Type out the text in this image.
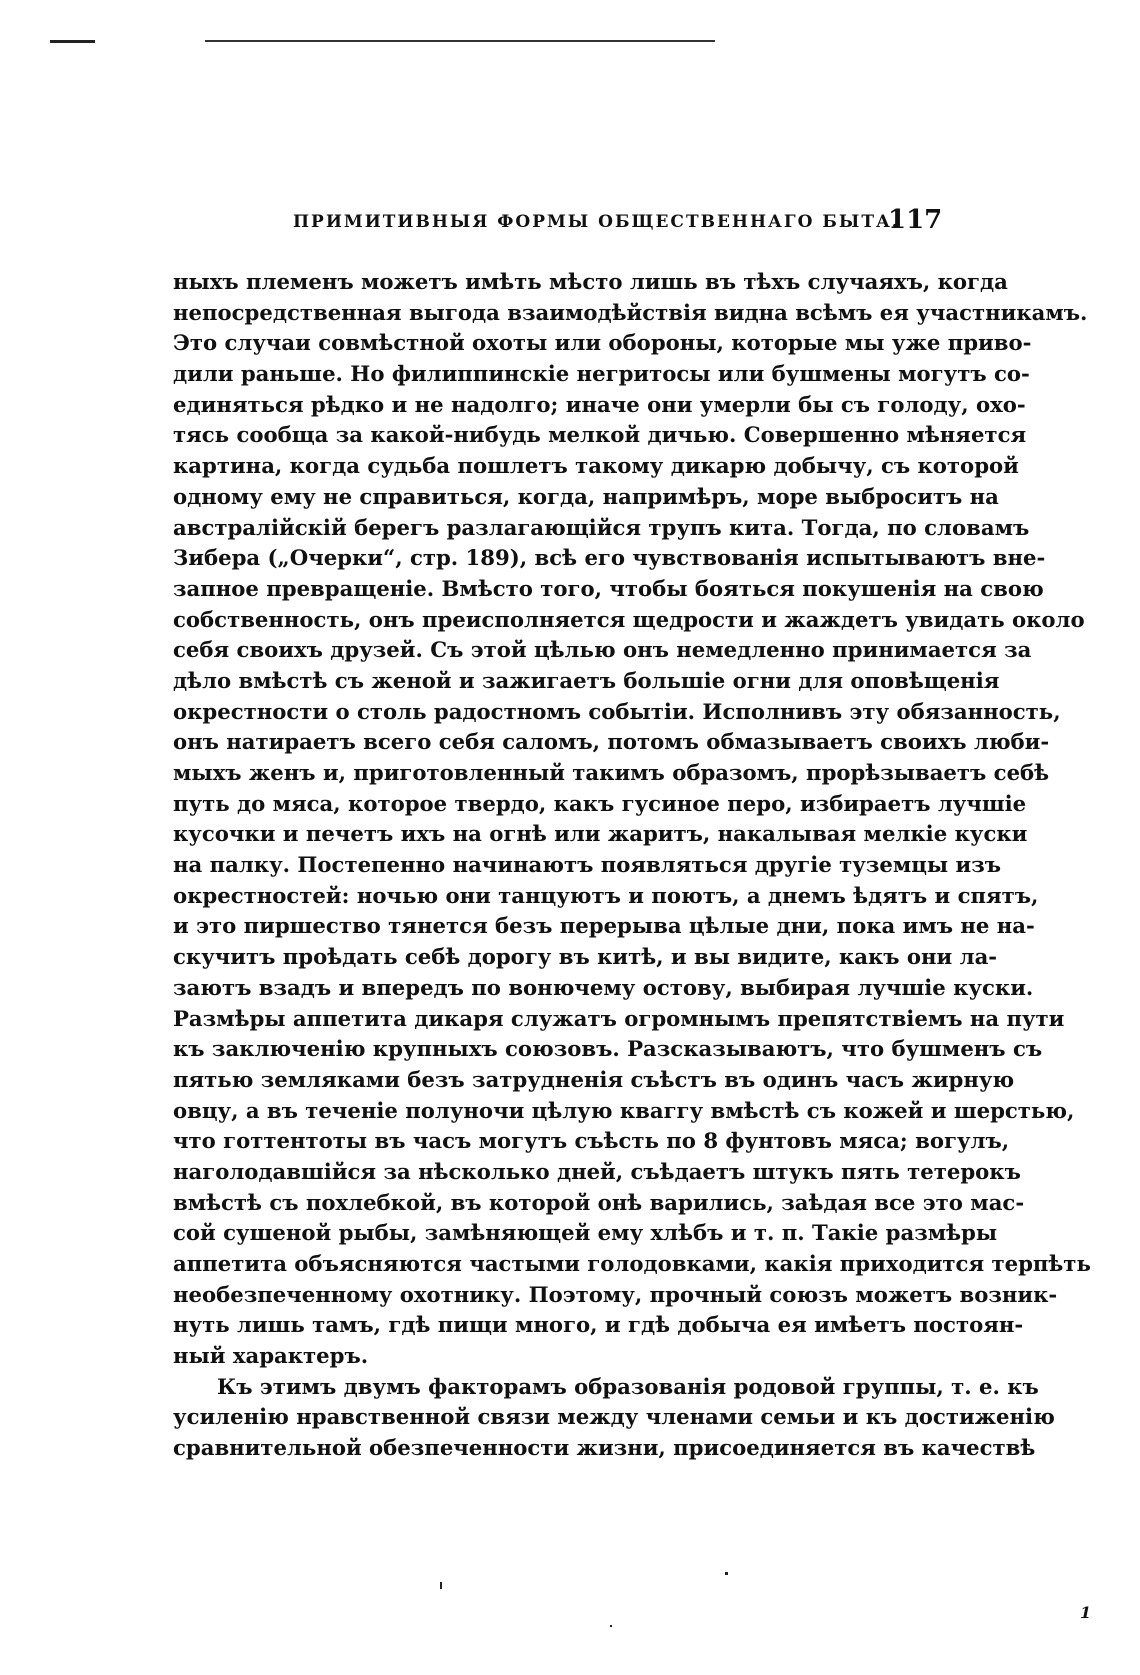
ПРИМИТИВНЫЯ ФОРМЫ ОБЩЕСТВЕННАГО БЫТА.
117
ныхъ племенъ можетъ имѣть мѣсто лишь въ тѣхъ случаяхъ, когда
непосредственная выгода взаимодѣйствія видна всѣмъ ея участникамъ.
Это случаи совмѣстной охоты или обороны, которые мы уже приво-
дили раньше. Но филиппинскіе негритосы или бушмены могутъ со-
единяться рѣдко и не надолго; иначе они умерли бы съ голоду, охо-
тясь сообща за какой-нибудь мелкой дичью. Совершенно мѣняется
картина, когда судьба пошлетъ такому дикарю добычу, съ которой
одному ему не справиться, когда, напримѣръ, море выброситъ на
австралійскій берегъ разлагающійся трупъ кита. Тогда, по словамъ
Зибера („Очерки“, стр. 189), всѣ его чувствованія испытываютъ вне-
запное превращеніе. Вмѣсто того, чтобы бояться покушенія на свою
собственность, онъ преисполняется щедрости и жаждетъ увидать около
себя своихъ друзей. Съ этой цѣлью онъ немедленно принимается за
дѣло вмѣстѣ съ женой и зажигаетъ большіе огни для оповѣщенія
окрестности о столь радостномъ событіи. Исполнивъ эту обязанность,
онъ натираетъ всего себя саломъ, потомъ обмазываетъ своихъ люби-
мыхъ женъ и, приготовленный такимъ образомъ, прорѣзываетъ себѣ
путь до мяса, которое твердо, какъ гусиное перо, избираетъ лучшіе
кусочки и печетъ ихъ на огнѣ или жаритъ, накалывая мелкіе куски
на палку. Постепенно начинаютъ появляться другіе туземцы изъ
окрестностей: ночью они танцуютъ и поютъ, а днемъ ѣдятъ и спятъ,
и это пиршество тянется безъ перерыва цѣлые дни, пока имъ не на-
скучитъ проѣдать себѣ дорогу въ китѣ, и вы видите, какъ они ла-
заютъ взадъ и впередъ по вонючему остову, выбирая лучшіе куски.
Размѣры аппетита дикаря служатъ огромнымъ препятствіемъ на пути
къ заключенію крупныхъ союзовъ. Разсказываютъ, что бушменъ съ
пятью земляками безъ затрудненія съѣстъ въ одинъ часъ жирную
овцу, а въ теченіе полуночи цѣлую кваггу вмѣстѣ съ кожей и шерстью,
что готтентоты въ часъ могутъ съѣсть по 8 фунтовъ мяса; вогулъ,
наголодавшійся за нѣсколько дней, съѣдаетъ штукъ пять тетерокъ
вмѣстѣ съ похлебкой, въ которой онѣ варились, заѣдая все это мас-
сой сушеной рыбы, замѣняющей ему хлѣбъ и т. п. Такіе размѣры
аппетита объясняются частыми голодовками, какія приходится терпѣть
необезпеченному охотнику. Поэтому, прочный союзъ можетъ возник-
нуть лишь тамъ, гдѣ пищи много, и гдѣ добыча ея имѣетъ постоян-
ный характеръ.
Къ этимъ двумъ факторамъ образованія родовой группы, т. е. къ
усиленію нравственной связи между членами семьи и къ достиженію
сравнительной обезпеченности жизни, присоединяется въ качествѣ
1
